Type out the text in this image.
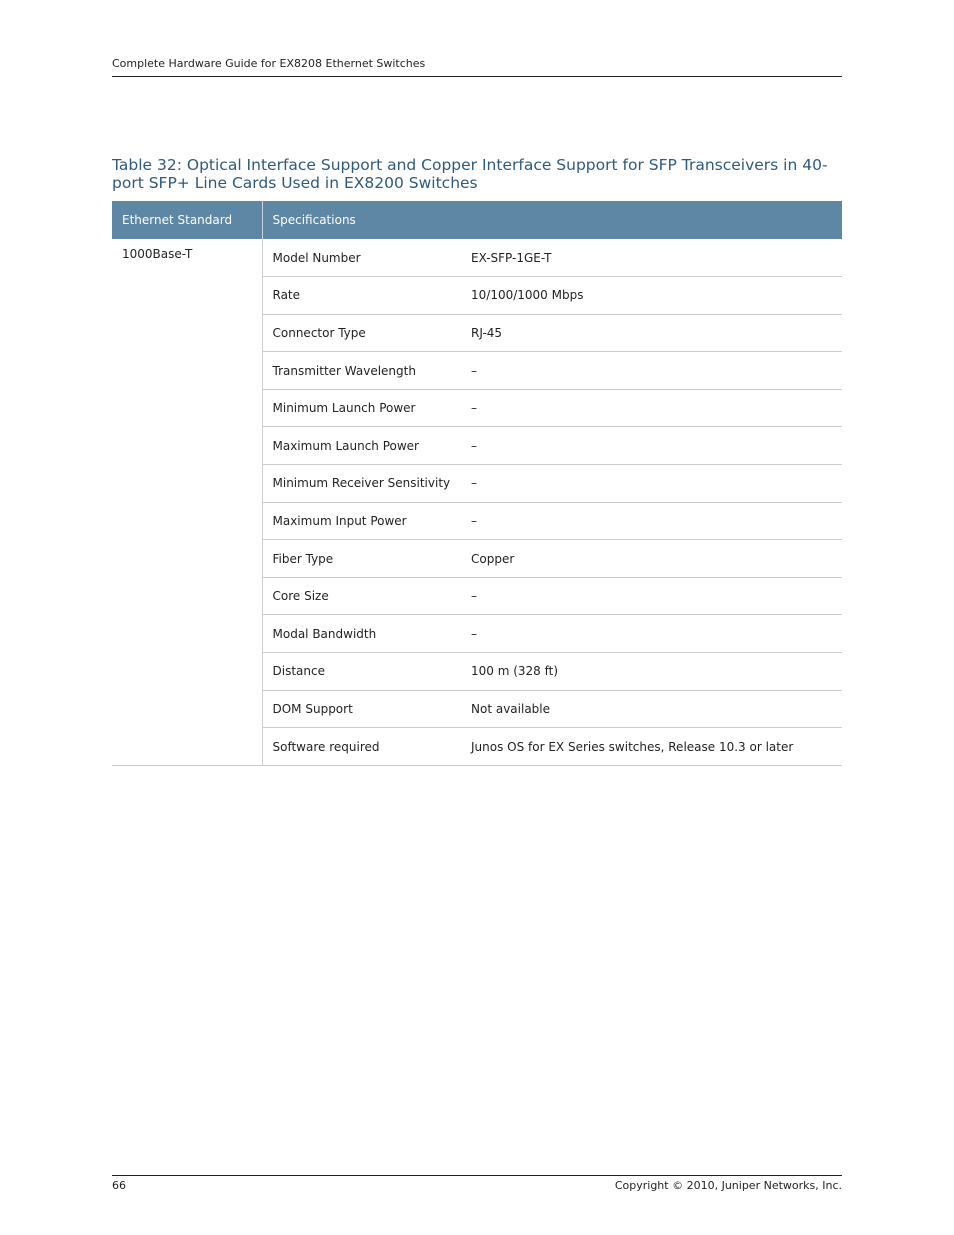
Complete Hardware Guide for EX8208 Ethernet Switches
Table 32: Optical Interface Support and Copper Interface Support for SFP Transceivers in 40-port SFP+ Line Cards Used in EX8200 Switches
Ethernet Standard	Specifications	
1000Base-T	Model Number	EX-SFP-1GE-T
	Rate	10/100/1000 Mbps
	Connector Type	RJ-45
	Transmitter Wavelength	–
	Minimum Launch Power	–
	Maximum Launch Power	–
	Minimum Receiver Sensitivity	–
	Maximum Input Power	–
	Fiber Type	Copper
	Core Size	–
	Modal Bandwidth	–
	Distance	100 m (328 ft)
	DOM Support	Not available
	Software required	Junos OS for EX Series switches, Release 10.3 or later
66	Copyright © 2010, Juniper Networks, Inc.
